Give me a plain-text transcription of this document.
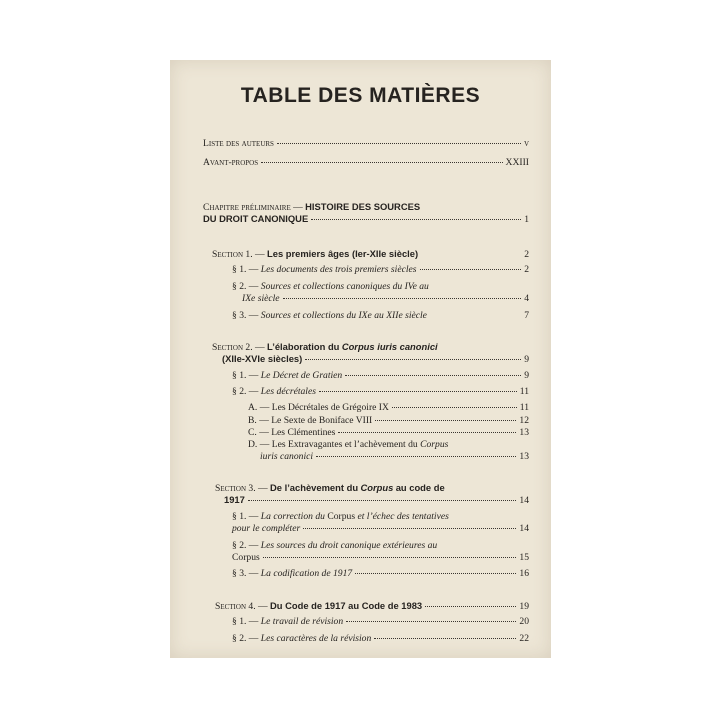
TABLE DES MATIÈRES
Liste des auteurs	v
Avant-propos	XXIII
Chapitre préliminaire — HISTOIRE DES SOURCES
DU DROIT CANONIQUE	1
Section 1. — Les premiers âges (Ier-XIIe siècle)	2
§ 1. —
Les documents des trois premiers siècles	2
§ 2. — Sources et collections canoniques du IVe au
IXe siècle	4
§ 3. —
Sources et collections du IXe au XIIe siècle	7
Section 2. — L’élaboration du Corpus iuris canonici
(XIIe-XVIe siècles)	9
§ 1. —
Le Décret de Gratien	9
§ 2. —
Les décrétales	11
A. — Les Décrétales de Grégoire IX	11
B. — Le Sexte de Boniface VIII	12
C. — Les Clémentines	13
D. — Les Extravagantes et l’achèvement du Corpus
iuris canonici	13
Section 3. — De l’achèvement du Corpus au code de
1917	14
§ 1. — La correction du Corpus et l’échec des tentatives
pour le compléter	14
§ 2. — Les sources du droit canonique extérieures au
Corpus	15
§ 3. —
La codification de 1917	16
Section 4. — Du Code de 1917 au Code de 1983	19
§ 1. —
Le travail de révision	20
§ 2. —
Les caractères de la révision	22
